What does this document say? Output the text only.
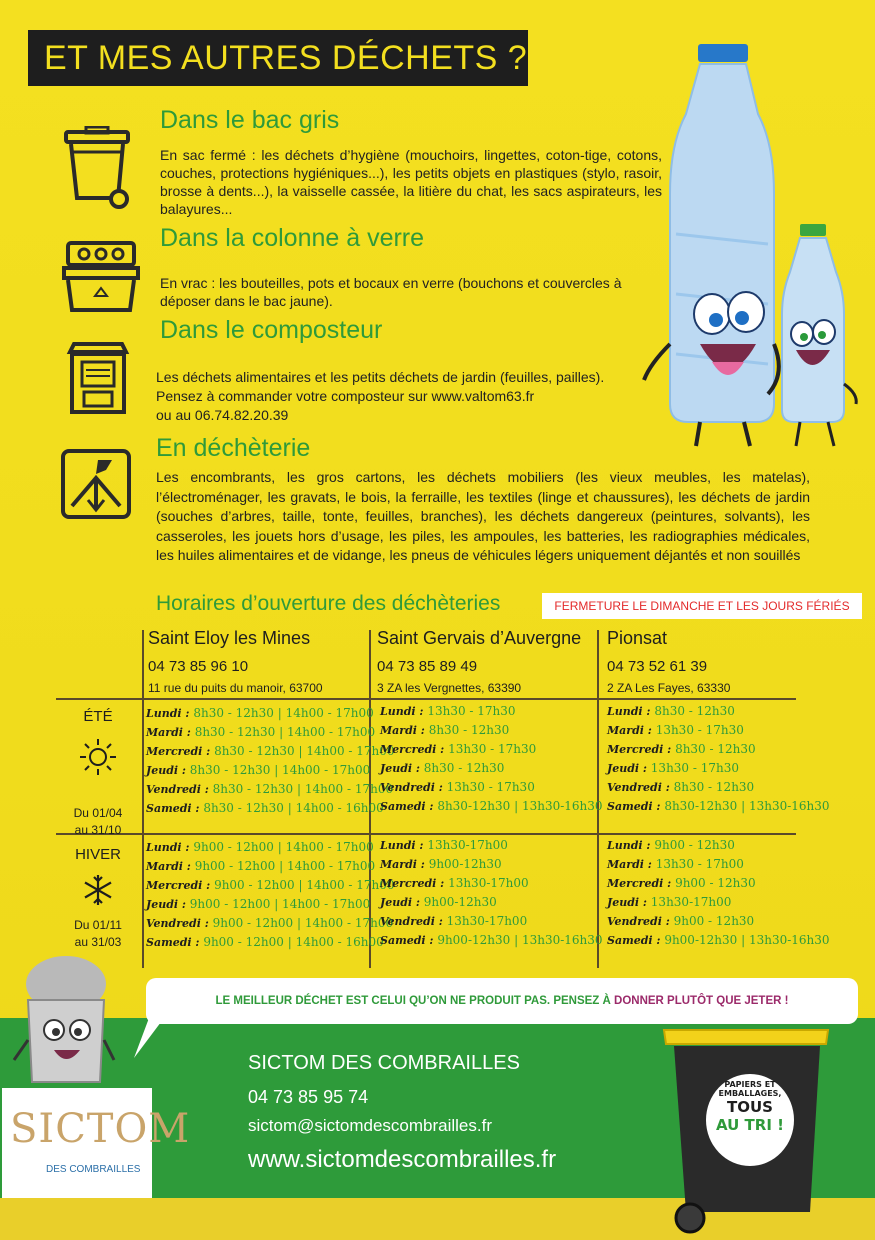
ET MES AUTRES DÉCHETS ?
Dans le bac gris
En sac fermé : les déchets d’hygiène (mouchoirs, lingettes, coton-tige, cotons, couches, protections hygiéniques...), les petits objets en plastiques (stylo, rasoir, brosse à dents...), la vaisselle cassée, la litière du chat, les sacs aspirateurs, les balayures...
Dans la colonne à verre
En vrac : les bouteilles, pots et bocaux en verre (bouchons et couvercles à déposer dans le bac jaune).
Dans le composteur
Les déchets alimentaires et les petits déchets de jardin (feuilles, pailles).
Pensez à commander votre composteur sur www.valtom63.fr
ou au 06.74.82.20.39
En déchèterie
Les encombrants, les gros cartons, les déchets mobiliers (les vieux meubles, les matelas), l’électroménager, les gravats, le bois, la ferraille, les textiles (linge et chaussures), les déchets de jardin (souches d’arbres, taille, tonte, feuilles, branches), les déchets dangereux (peintures, solvants), les casseroles, les jouets hors d’usage, les piles, les ampoules, les batteries, les radiographies médicales, les huiles alimentaires et de vidange, les pneus de véhicules légers uniquement déjantés et non souillés
Horaires d’ouverture des déchèteries	FERMETURE LE DIMANCHE ET LES JOURS FÉRIÉS
Saint Eloy les Mines
04 73 85 96 10
11 rue du puits du manoir, 63700
Saint Gervais d’Auvergne
04 73 85 89 49
3 ZA les Vergnettes, 63390
Pionsat
04 73 52 61 39
2 ZA Les Fayes, 63330
ÉTÉ
Du 01/04
au 31/10
HIVER
Du 01/11
au 31/03
Lundi : 8h30 - 12h30 | 14h00 - 17h00
Mardi : 8h30 - 12h30 | 14h00 - 17h00
Mercredi : 8h30 - 12h30 | 14h00 - 17h00
Jeudi : 8h30 - 12h30 | 14h00 - 17h00
Vendredi : 8h30 - 12h30 | 14h00 - 17h00
Samedi : 8h30 - 12h30 | 14h00 - 16h00
Lundi : 13h30 - 17h30
Mardi : 8h30 - 12h30
Mercredi : 13h30 - 17h30
Jeudi : 8h30 - 12h30
Vendredi : 13h30 - 17h30
Samedi : 8h30-12h30 | 13h30-16h30
Lundi : 8h30 - 12h30
Mardi : 13h30 - 17h30
Mercredi : 8h30 - 12h30
Jeudi : 13h30 - 17h30
Vendredi : 8h30 - 12h30
Samedi : 8h30-12h30 | 13h30-16h30
Lundi : 9h00 - 12h00 | 14h00 - 17h00
Mardi : 9h00 - 12h00 | 14h00 - 17h00
Mercredi : 9h00 - 12h00 | 14h00 - 17h00
Jeudi : 9h00 - 12h00 | 14h00 - 17h00
Vendredi : 9h00 - 12h00 | 14h00 - 17h00
Samedi : 9h00 - 12h00 | 14h00 - 16h00
Lundi : 13h30-17h00
Mardi : 9h00-12h30
Mercredi : 13h30-17h00
Jeudi : 9h00-12h30
Vendredi : 13h30-17h00
Samedi : 9h00-12h30 | 13h30-16h30
Lundi : 9h00 - 12h30
Mardi : 13h30 - 17h00
Mercredi : 9h00 - 12h30
Jeudi : 13h30-17h00
Vendredi : 9h00 - 12h30
Samedi : 9h00-12h30 | 13h30-16h30
LE MEILLEUR DÉCHET EST CELUI QU’ON NE PRODUIT PAS. PENSEZ À DONNER PLUTÔT QUE JETER !
SICTOM DES COMBRAILLES
04 73 85 95 74
sictom@sictomdescombrailles.fr
www.sictomdescombrailles.fr
SICTOM
DES COMBRAILLES
PAPIERS ET
EMBALLAGES,
TOUS
AU TRI !
